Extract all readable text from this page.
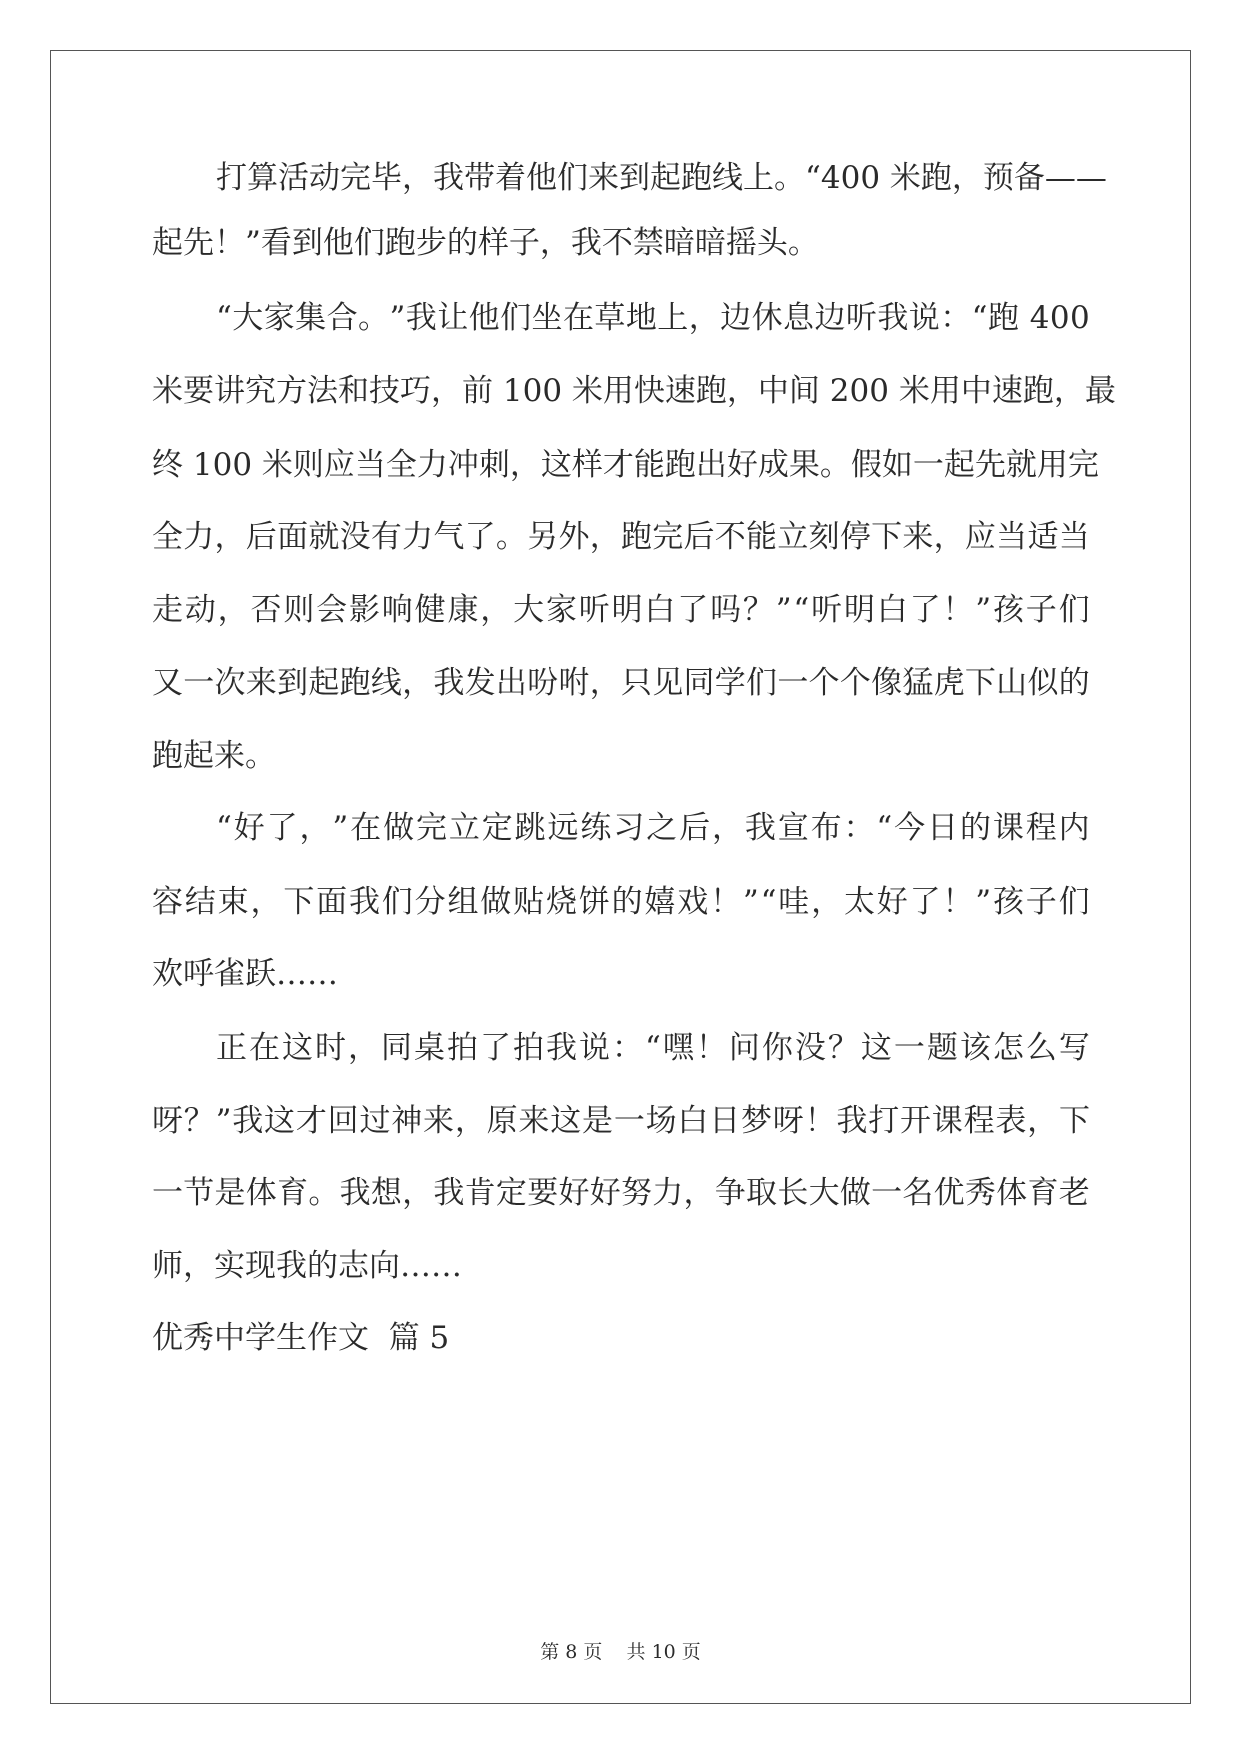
打 算 活 动 完 毕 ， 我 带 着 他 们 来 到 起 跑 线 上 。 “ 4 0 0
米 跑 ， 预 备 — —
起先！”看到他们跑步的样子，我不禁暗暗摇头。
“ 大 家 集 合 。 ” 我 让 他 们 坐 在 草 地 上 ， 边 休 息 边 听 我 说 ： “ 跑
4 0 0
米 要 讲 究 方 法 和 技 巧 ， 前
1 0 0
米 用 快 速 跑 ， 中 间
2 0 0
米 用 中 速 跑 ， 最
终
1 0 0
米 则 应 当 全 力 冲 刺 ， 这 样 才 能 跑 出 好 成 果 。 假 如 一 起 先 就 用 完
全 力 ， 后 面 就 没 有 力 气 了 。 另 外 ， 跑 完 后 不 能 立 刻 停 下 来 ， 应 当 适 当
走 动 ， 否 则 会 影 响 健 康 ， 大 家 听 明 白 了 吗 ？ ” “ 听 明 白 了 ！ ” 孩 子 们
又 一 次 来 到 起 跑 线 ， 我 发 出 吩 咐 ， 只 见 同 学 们 一 个 个 像 猛 虎 下 山 似 的
跑起来。
“ 好 了 ， ” 在 做 完 立 定 跳 远 练 习 之 后 ， 我 宣 布 ： “ 今 日 的 课 程 内
容 结 束 ， 下 面 我 们 分 组 做 贴 烧 饼 的 嬉 戏 ！ ” “ 哇 ， 太 好 了 ！ ” 孩 子 们
欢呼雀跃……
正 在 这 时 ， 同 桌 拍 了 拍 我 说 ： “ 嘿 ！ 问 你 没 ？ 这 一 题 该 怎 么 写
呀 ？ ” 我 这 才 回 过 神 来 ， 原 来 这 是 一 场 白 日 梦 呀 ！ 我 打 开 课 程 表 ， 下
一 节 是 体 育 。 我 想 ， 我 肯 定 要 好 好 努 力 ， 争 取 长 大 做 一 名 优 秀 体 育 老
师，实现我的志向……
优秀中学生作文  篇 5
第 8 页    共 10 页
